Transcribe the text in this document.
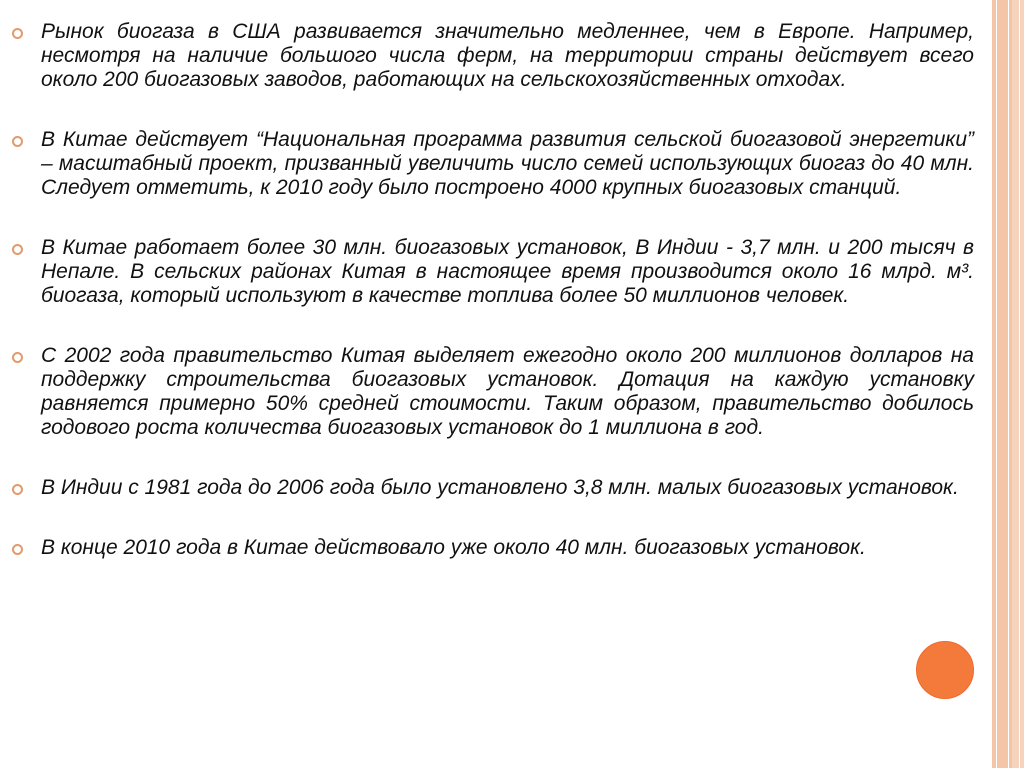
Рынок биогаза в США развивается значительно медленнее, чем в Европе. Например, несмотря на наличие большого числа ферм, на территории страны действует всего около 200 биогазовых заводов, работающих на сельскохозяйственных отходах.
В Китае действует “Национальная программа развития сельской биогазовой энергетики” – масштабный проект, призванный увеличить число семей использующих биогаз до 40 млн. Следует отметить, к 2010 году было построено 4000 крупных биогазовых станций.
В Китае работает более 30 млн. биогазовых установок, В Индии - 3,7 млн. и 200 тысяч в Непале. В сельских районах Китая в настоящее время производится около 16 млрд. м³. биогаза, который используют в качестве топлива более 50 миллионов человек.
С 2002 года правительство Китая выделяет ежегодно около 200 миллионов долларов на поддержку строительства биогазовых установок. Дотация на каждую установку равняется примерно 50% средней стоимости. Таким образом, правительство добилось годового роста количества биогазовых установок до 1 миллиона в год.
В Индии с 1981 года до 2006 года было установлено 3,8 млн. малых биогазовых установок.
В конце 2010 года в Китае действовало уже около 40 млн. биогазовых установок.
